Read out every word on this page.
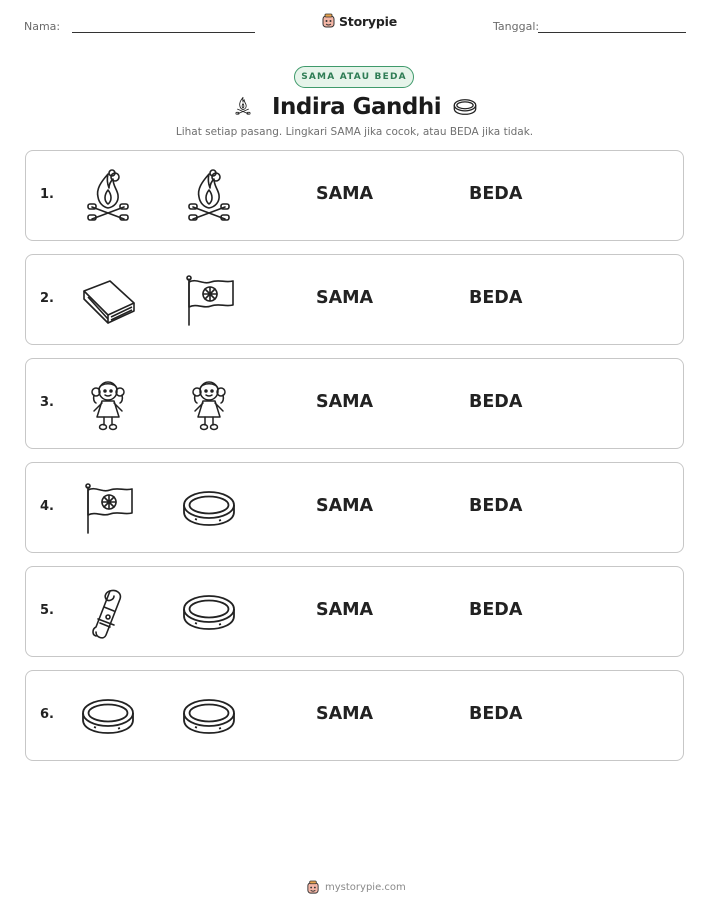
Nama:	Storypie	Tanggal:
SAMA ATAU BEDA
Indira Gandhi
Lihat setiap pasang. Lingkari SAMA jika cocok, atau BEDA jika tidak.
1.	SAMA	BEDA
2.	SAMA	BEDA
3.	SAMA	BEDA
4.	SAMA	BEDA
5.	SAMA	BEDA
6.	SAMA	BEDA
mystorypie.com
